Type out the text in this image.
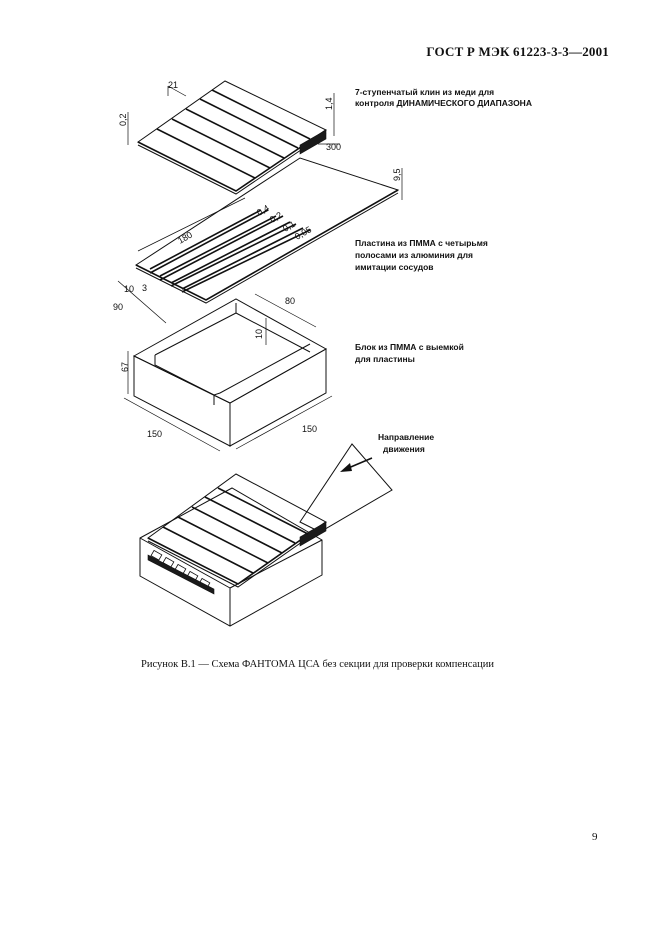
ГОСТ Р МЭК 61223-3-3—2001
21
0,2
1,4
300
7-ступенчатый клин из меди для
контроля ДИНАМИЧЕСКОГО ДИАПАЗОНА
9,5
0,4
0,2
0,1
0,05
180
10 3
90
Пластина из ПММА с четырьмя
полосами из алюминия для
имитации сосудов
67
150	150
80
10
Блок из ПММА с выемкой
для пластины
Направление
движения
Рисунок B.1 — Схема ФАНТОМА ЦСА без секции для проверки компенсации
9
